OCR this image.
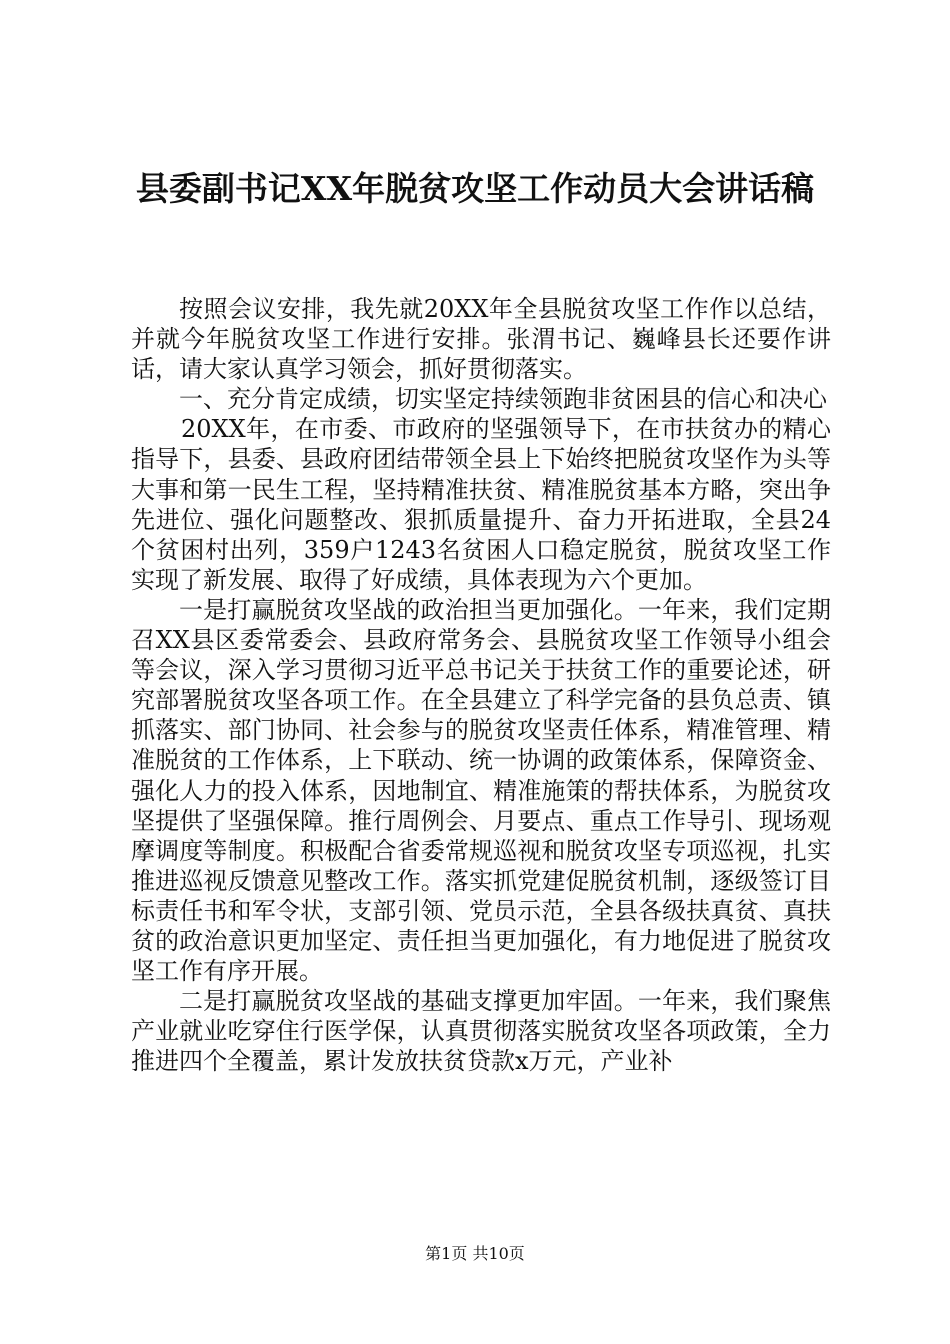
县委副书记XX年脱贫攻坚工作动员大会讲话稿

按照会议安排，我先就20XX年全县脱贫攻坚工作作以总结，并就今年脱贫攻坚工作进行安排。张渭书记、巍峰县长还要作讲话，请大家认真学习领会，抓好贯彻落实。

一、充分肯定成绩，切实坚定持续领跑非贫困县的信心和决心

20XX年，在市委、市政府的坚强领导下，在市扶贫办的精心指导下，县委、县政府团结带领全县上下始终把脱贫攻坚作为头等大事和第一民生工程，坚持精准扶贫、精准脱贫基本方略，突出争先进位、强化问题整改、狠抓质量提升、奋力开拓进取，全县24个贫困村出列，359户1243名贫困人口稳定脱贫，脱贫攻坚工作实现了新发展、取得了好成绩，具体表现为六个更加。

一是打赢脱贫攻坚战的政治担当更加强化。一年来，我们定期召XX县区委常委会、县政府常务会、县脱贫攻坚工作领导小组会等会议，深入学习贯彻习近平总书记关于扶贫工作的重要论述，研究部署脱贫攻坚各项工作。在全县建立了科学完备的县负总责、镇抓落实、部门协同、社会参与的脱贫攻坚责任体系，精准管理、精准脱贫的工作体系，上下联动、统一协调的政策体系，保障资金、强化人力的投入体系，因地制宜、精准施策的帮扶体系，为脱贫攻坚提供了坚强保障。推行周例会、月要点、重点工作导引、现场观摩调度等制度。积极配合省委常规巡视和脱贫攻坚专项巡视，扎实推进巡视反馈意见整改工作。落实抓党建促脱贫机制，逐级签订目标责任书和军令状，支部引领、党员示范，全县各级扶真贫、真扶贫的政治意识更加坚定、责任担当更加强化，有力地促进了脱贫攻坚工作有序开展。

二是打赢脱贫攻坚战的基础支撑更加牢固。一年来，我们聚焦产业就业吃穿住行医学保，认真贯彻落实脱贫攻坚各项政策，全力推进四个全覆盖，累计发放扶贫贷款x万元，产业补

第1页 共10页
